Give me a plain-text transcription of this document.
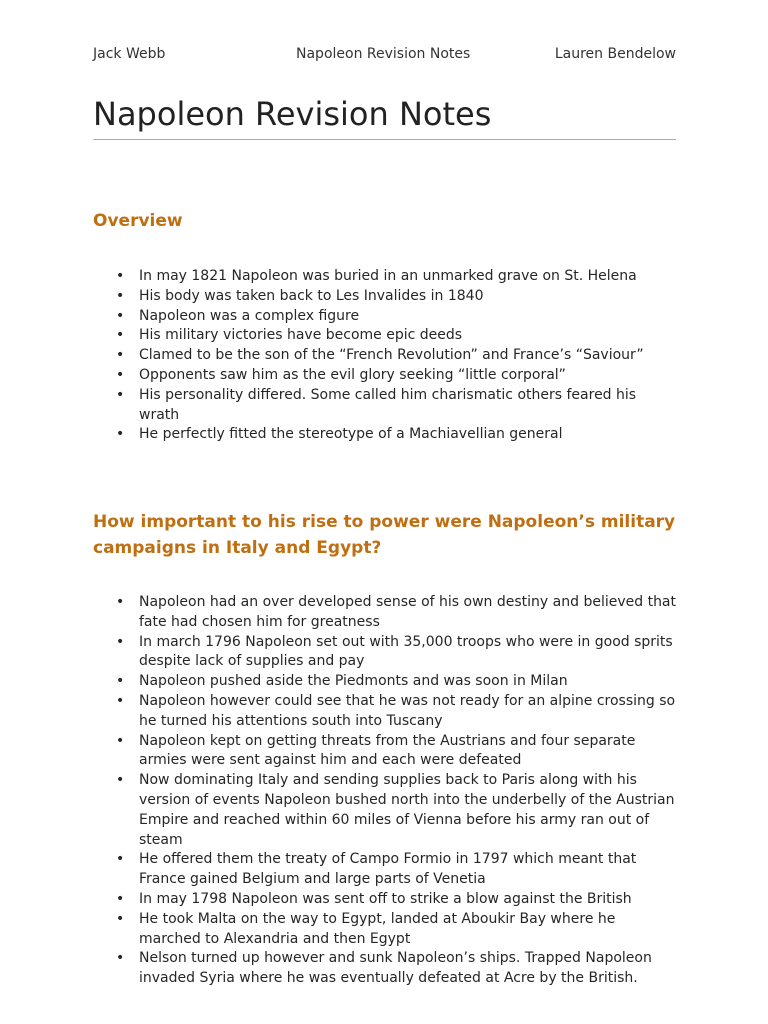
Jack Webb	Napoleon Revision Notes	Lauren Bendelow
Napoleon Revision Notes
Overview
• In may 1821 Napoleon was buried in an unmarked grave on St. Helena
• His body was taken back to Les Invalides in 1840
• Napoleon was a complex figure
• His military victories have become epic deeds
• Clamed to be the son of the “French Revolution” and France’s “Saviour”
• Opponents saw him as the evil glory seeking “little corporal”
• His personality differed. Some called him charismatic others feared his wrath
• He perfectly fitted the stereotype of a Machiavellian general
How important to his rise to power were Napoleon’s military campaigns in Italy and Egypt?
• Napoleon had an over developed sense of his own destiny and believed that fate had chosen him for greatness
• In march 1796 Napoleon set out with 35,000 troops who were in good sprits despite lack of supplies and pay
• Napoleon pushed aside the Piedmonts and was soon in Milan
• Napoleon however could see that he was not ready for an alpine crossing so he turned his attentions south into Tuscany
• Napoleon kept on getting threats from the Austrians and four separate armies were sent against him and each were defeated
• Now dominating Italy and sending supplies back to Paris along with his version of events Napoleon bushed north into the underbelly of the Austrian Empire and reached within 60 miles of Vienna before his army ran out of steam
• He offered them the treaty of Campo Formio in 1797 which meant that France gained Belgium and large parts of Venetia
• In may 1798 Napoleon was sent off to strike a blow against the British
• He took Malta on the way to Egypt, landed at Aboukir Bay where he marched to Alexandria and then Egypt
• Nelson turned up however and sunk Napoleon’s ships. Trapped Napoleon invaded Syria where he was eventually defeated at Acre by the British.
